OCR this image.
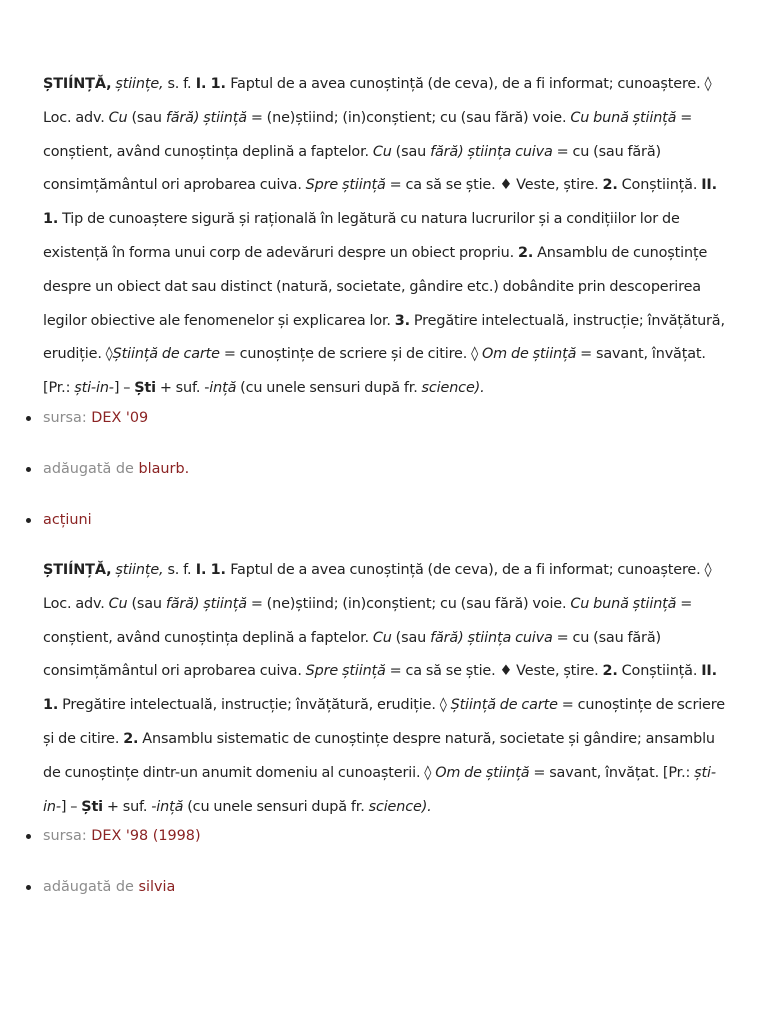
ȘTIÍNȚĂ, științe, s. f. I. 1. Faptul de a avea cunoștință (de ceva), de a fi informat; cunoaștere. ◊ Loc. adv. Cu (sau fără) știință = (ne)știind; (in)conștient; cu (sau fără) voie. Cu bună știință = conștient, având cunoștința deplină a faptelor. Cu (sau fără) știința cuiva = cu (sau fără) consimțământul ori aprobarea cuiva. Spre știință = ca să se știe. ♦ Veste, știre. 2. Conștiință. II. 1. Tip de cunoaștere sigură și rațională în legătură cu natura lucrurilor și a condițiilor lor de existență în forma unui corp de adevăruri despre un obiect propriu. 2. Ansamblu de cunoștințe despre un obiect dat sau distinct (natură, societate, gândire etc.) dobândite prin descoperirea legilor obiective ale fenomenelor și explicarea lor. 3. Pregătire intelectuală, instrucție; învățătură, erudiție. ◊Știință de carte = cunoștințe de scriere și de citire. ◊ Om de știință = savant, învățat. [Pr.: ști-in-] – Ști + suf. -ință (cu unele sensuri după fr. science).

sursa: DEX '09
adăugată de blaurb.
acțiuni

ȘTIÍNȚĂ, științe, s. f. I. 1. Faptul de a avea cunoștință (de ceva), de a fi informat; cunoaștere. ◊ Loc. adv. Cu (sau fără) știință = (ne)știind; (in)conștient; cu (sau fără) voie. Cu bună știință = conștient, având cunoștința deplină a faptelor. Cu (sau fără) știința cuiva = cu (sau fără) consimțământul ori aprobarea cuiva. Spre știință = ca să se știe. ♦ Veste, știre. 2. Conștiință. II. 1. Pregătire intelectuală, instrucție; învățătură, erudiție. ◊ Știință de carte = cunoștințe de scriere și de citire. 2. Ansamblu sistematic de cunoștințe despre natură, societate și gândire; ansamblu de cunoștințe dintr-un anumit domeniu al cunoașterii. ◊ Om de știință = savant, învățat. [Pr.: ști-in-] – Ști + suf. -ință (cu unele sensuri după fr. science).

sursa: DEX '98 (1998)
adăugată de silvia
